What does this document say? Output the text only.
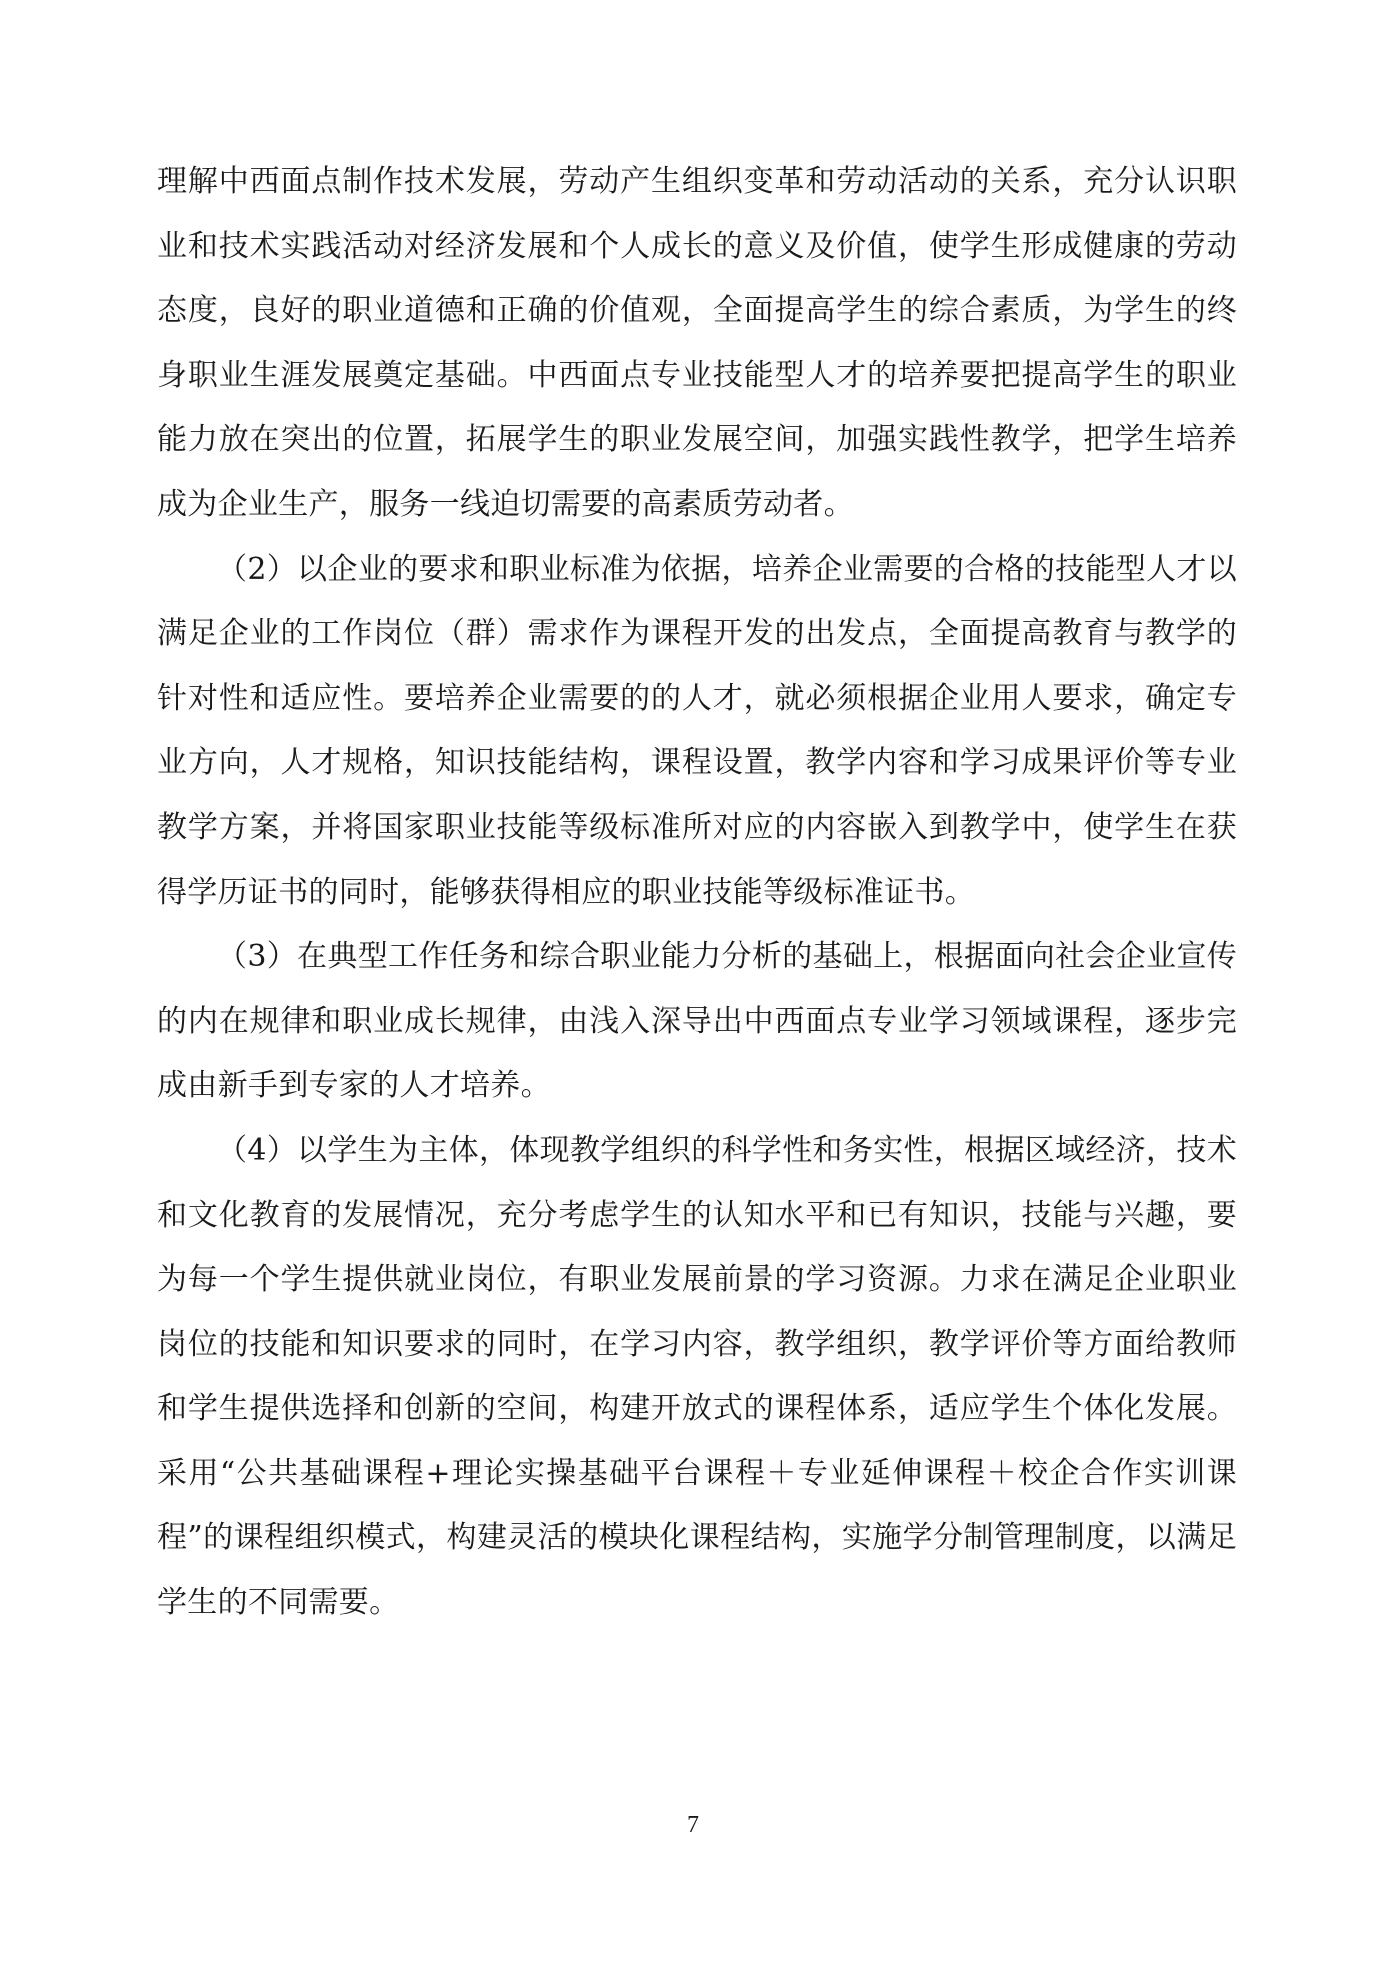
理解中西面点制作技术发展，劳动产生组织变革和劳动活动的关系，充分认识职业和技术实践活动对经济发展和个人成长的意义及价值，使学生形成健康的劳动态度，良好的职业道德和正确的价值观，全面提高学生的综合素质，为学生的终身职业生涯发展奠定基础。中西面点专业技能型人才的培养要把提高学生的职业能力放在突出的位置，拓展学生的职业发展空间，加强实践性教学，把学生培养成为企业生产，服务一线迫切需要的高素质劳动者。

（2）以企业的要求和职业标准为依据，培养企业需要的合格的技能型人才以满足企业的工作岗位（群）需求作为课程开发的出发点，全面提高教育与教学的针对性和适应性。要培养企业需要的的人才，就必须根据企业用人要求，确定专业方向，人才规格，知识技能结构，课程设置，教学内容和学习成果评价等专业教学方案，并将国家职业技能等级标准所对应的内容嵌入到教学中，使学生在获得学历证书的同时，能够获得相应的职业技能等级标准证书。

（3）在典型工作任务和综合职业能力分析的基础上，根据面向社会企业宣传的内在规律和职业成长规律，由浅入深导出中西面点专业学习领域课程，逐步完成由新手到专家的人才培养。

（4）以学生为主体，体现教学组织的科学性和务实性，根据区域经济，技术和文化教育的发展情况，充分考虑学生的认知水平和已有知识，技能与兴趣，要为每一个学生提供就业岗位，有职业发展前景的学习资源。力求在满足企业职业岗位的技能和知识要求的同时，在学习内容，教学组织，教学评价等方面给教师和学生提供选择和创新的空间，构建开放式的课程体系，适应学生个体化发展。采用“公共基础课程+理论实操基础平台课程＋专业延伸课程＋校企合作实训课程”的课程组织模式，构建灵活的模块化课程结构，实施学分制管理制度，以满足学生的不同需要。

7
